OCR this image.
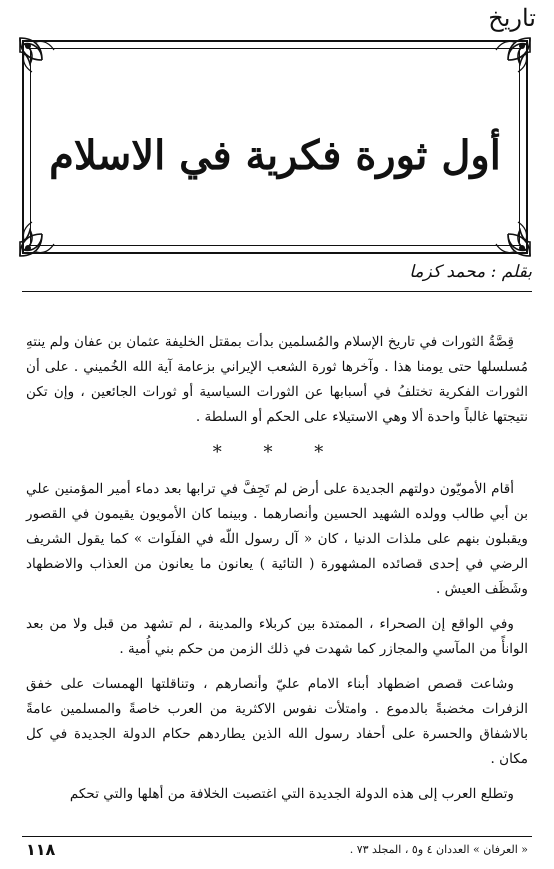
تاريخ
أول ثورة فكرية في الاسلام
بقلم : محمد كزما

قِصَّةُ الثورات في تاريخ الإسلام والمُسلمين بدأت بمقتل الخليفة عثمان بن عفان ولم ينتهِ مُسلسلها حتى يومنا هذا . وآخرها ثورة الشعب الإيراني بزعامة آية الله الخُميني . على أن الثورات الفكرية تختلفُ في أسبابها عن الثورات السياسية أو ثورات الجائعين ، وإن تكن نتيجتها غالباً واحدة ألا وهي الاستيلاء على الحكم أو السلطة .

* * *

أقام الأمويّون دولتهم الجديدة على أرض لم تَجِفَّ في ترابها بعد دماء أمير المؤمنين علي بن أبي طالب وولده الشهيد الحسين وأنصارهما . وبينما كان الأمويون يقيمون في القصور ويقبلون بنهم على ملذات الدنيا ، كان « آل رسول اللّه في الفلَوات » كما يقول الشريف الرضي في إحدى قصائده المشهورة ( التائية ) يعانون ما يعانون من العذاب والاضطهاد وشَظَف العيش .

وفي الواقع إن الصحراء ، الممتدة بين كربلاء والمدينة ، لم تشهد من قبل ولا من بعد الوانأً من المآسي والمجازر كما شهدت في ذلك الزمن من حكم بني أُمية .

وشاعت قصص اضطهاد أبناء الامام عليّ وأنصارهم ، وتناقلتها الهمسات على خفق الزفرات مخضبةً بالدموع . وامتلأت نفوس الاكثرية من العرب خاصةً والمسلمين عامةً بالاشفاق والحسرة على أحفاد رسول الله الذين يطاردهم حكام الدولة الجديدة في كل مكان .

وتطلع العرب إلى هذه الدولة الجديدة التي اغتصبت الخلافة من أهلها والتي تحكم

١١٨	« العرفان » العددان ٤ و٥ ، المجلد ٧٣ .
